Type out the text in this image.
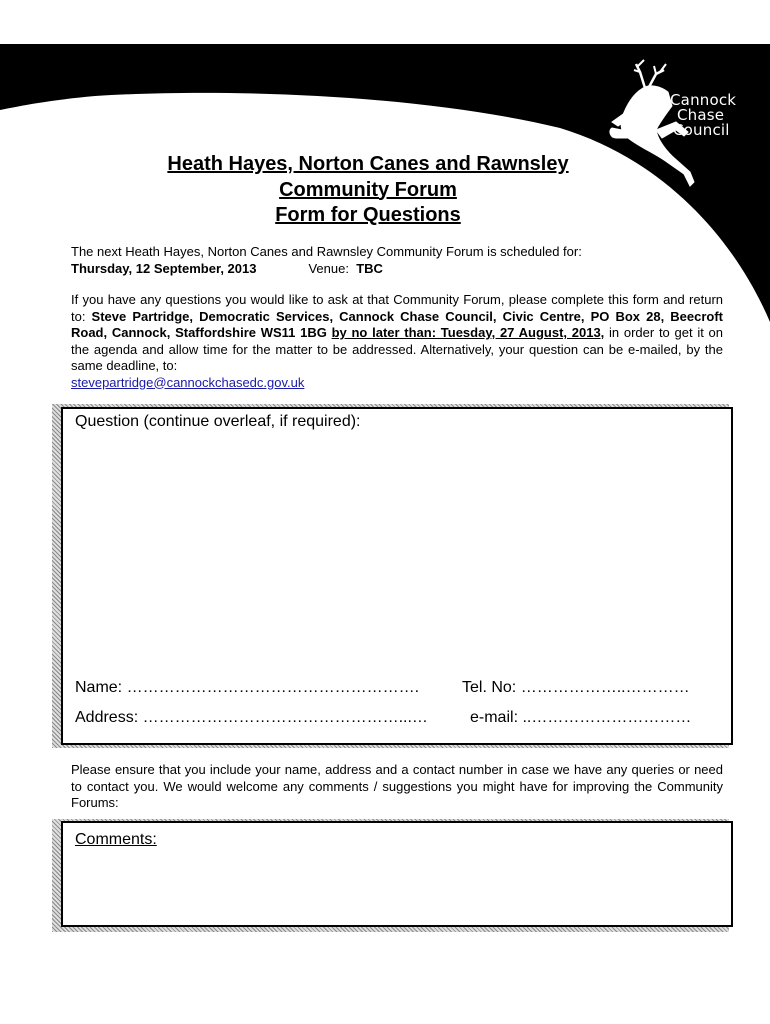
Cannock
Chase
Council
Heath Hayes, Norton Canes and Rawnsley
Community Forum
Form for Questions
The next Heath Hayes, Norton Canes and Rawnsley Community Forum is scheduled for:
Thursday, 12 September, 2013	Venue: TBC
If you have any questions you would like to ask at that Community Forum, please complete this form and return to: Steve Partridge, Democratic Services, Cannock Chase Council, Civic Centre, PO Box 28, Beecroft Road, Cannock, Staffordshire WS11 1BG by no later than: Tuesday, 27 August, 2013, in order to get it on the agenda and allow time for the matter to be addressed. Alternatively, your question can be e-mailed, by the same deadline, to:
stevepartridge@cannockchasedc.gov.uk
Question (continue overleaf, if required):
Name: ……………………………………………….	Tel. No: ………………..…………
Address: …………………………………………...…	e-mail: ..…………………………
Please ensure that you include your name, address and a contact number in case we have any queries or need to contact you. We would welcome any comments / suggestions you might have for improving the Community Forums:
Comments:
